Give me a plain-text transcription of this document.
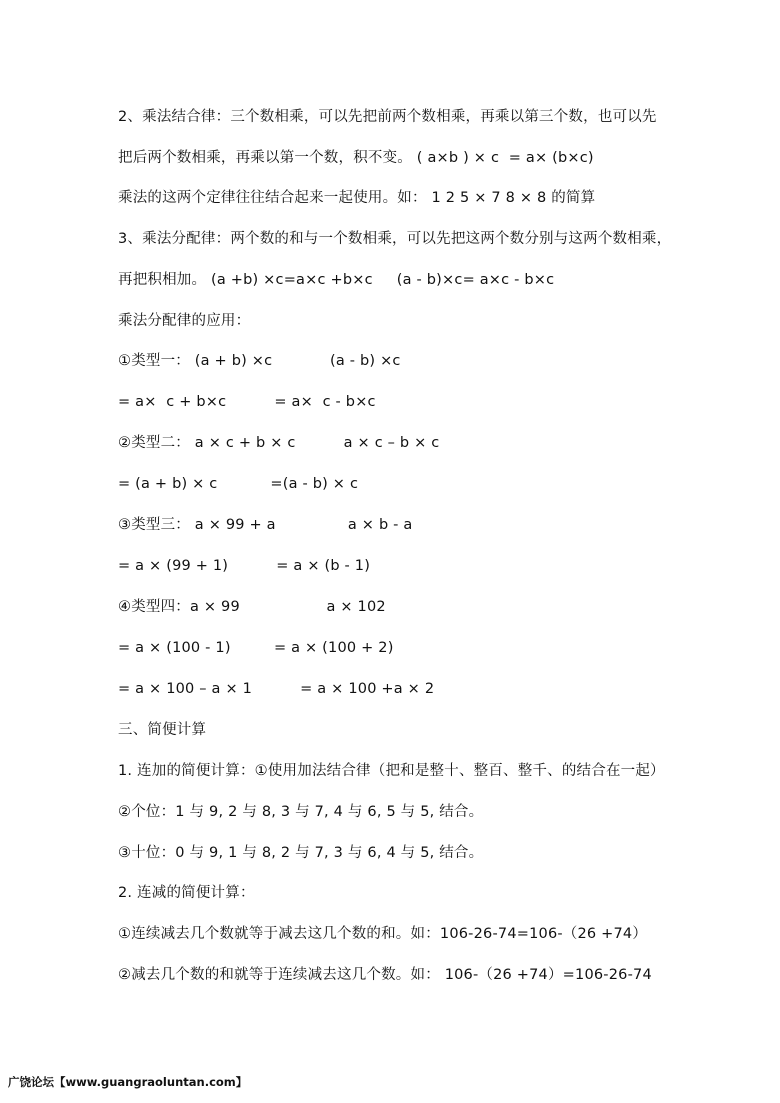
2、乘法结合律：三个数相乘，可以先把前两个数相乘，再乘以第三个数，也可以先
把后两个数相乘，再乘以第一个数，积不变。 ( a×b ) × c  = a× (b×c)
乘法的这两个定律往往结合起来一起使用。如： 1 2 5 × 7 8 × 8 的简算
3、乘法分配律：两个数的和与一个数相乘，可以先把这两个数分别与这两个数相乘，
再把积相加。 (a +b) ×c=a×c +b×c     (a - b)×c= a×c - b×c
乘法分配律的应用：
①类型一： (a + b) ×c            (a - b) ×c
= a×  c + b×c          = a×  c - b×c
②类型二： a × c + b × c          a × c – b × c
= (a + b) × c           =(a - b) × c
③类型三： a × 99 + a               a × b - a
= a × (99 + 1)          = a × (b - 1)
④类型四：a × 99                  a × 102
= a × (100 - 1)         = a × (100 + 2)
= a × 100 – a × 1          = a × 100 +a × 2
三、简便计算
1. 连加的简便计算：①使用加法结合律（把和是整十、整百、整千、的结合在一起）
②个位：1 与 9, 2 与 8, 3 与 7, 4 与 6, 5 与 5, 结合。
③十位：0 与 9, 1 与 8, 2 与 7, 3 与 6, 4 与 5, 结合。
2. 连减的简便计算：
①连续减去几个数就等于减去这几个数的和。如：106-26-74=106-（26 +74）
②减去几个数的和就等于连续减去这几个数。如： 106-（26 +74）=106-26-74
广饶论坛【www.guangraoluntan.com】
